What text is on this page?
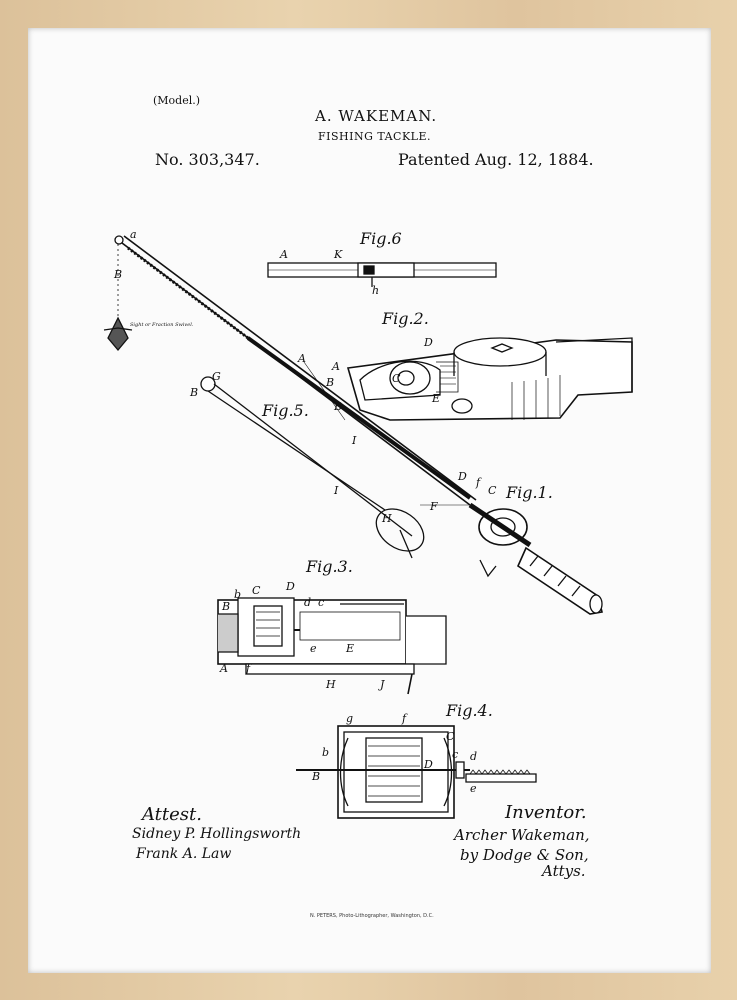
(Model.)
A. WAKEMAN.
FISHING TACKLE.
No. 303,347.	Patented Aug. 12, 1884.
Fig.6
Fig.2.
Fig.5.
Fig.1.
Fig.3.
Fig.4.
a
B
A	K
h
A
B
B
A
D
C
E
I
B
G
I
H
D f
C
F
b C D
B	d c
e	E
A f
H	J
g	f
C
b
B
D
c d
e
Sight or Fraction Swivel.
Attest.
Sidney P. Hollingsworth
Frank A. Law
Inventor.
Archer Wakeman,
by Dodge & Son,
Attys.
N. PETERS, Photo-Lithographer, Washington, D.C.
